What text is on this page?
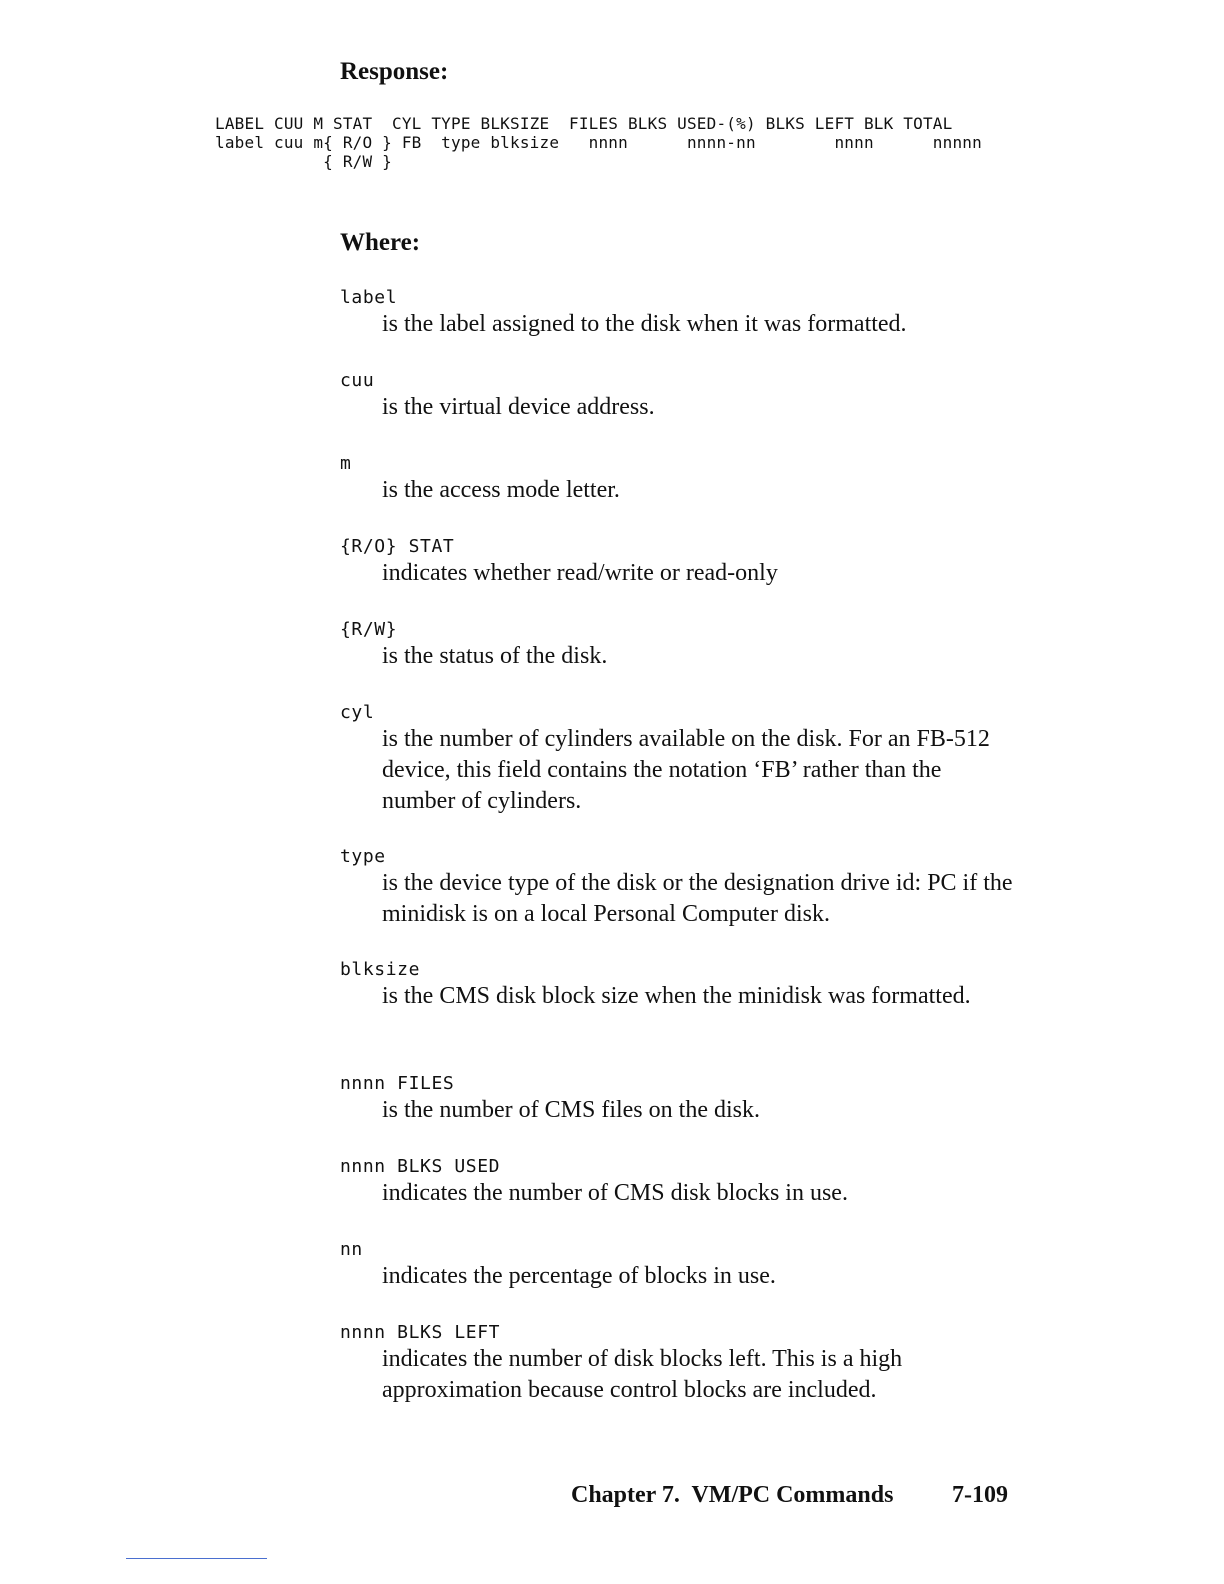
Response:
LABEL CUU M STAT  CYL TYPE BLKSIZE  FILES BLKS USED-(%) BLKS LEFT BLK TOTAL
label cuu m{ R/O } FB  type blksize   nnnn      nnnn-nn        nnnn      nnnnn
{ R/W }
Where:
label
is the label assigned to the disk when it was formatted.
cuu
is the virtual device address.
m
is the access mode letter.
{R/O} STAT
indicates whether read/write or read-only
{R/W}
is the status of the disk.
cyl
is the number of cylinders available on the disk. For an FB-512 device, this field contains the notation ‘FB’ rather than the number of cylinders.
type
is the device type of the disk or the designation drive id: PC if the minidisk is on a local Personal Computer disk.
blksize
is the CMS disk block size when the minidisk was formatted.
nnnn FILES
is the number of CMS files on the disk.
nnnn BLKS USED
indicates the number of CMS disk blocks in use.
nn
indicates the percentage of blocks in use.
nnnn BLKS LEFT
indicates the number of disk blocks left. This is a high approximation because control blocks are included.
Chapter 7.  VM/PC Commands 7-109
